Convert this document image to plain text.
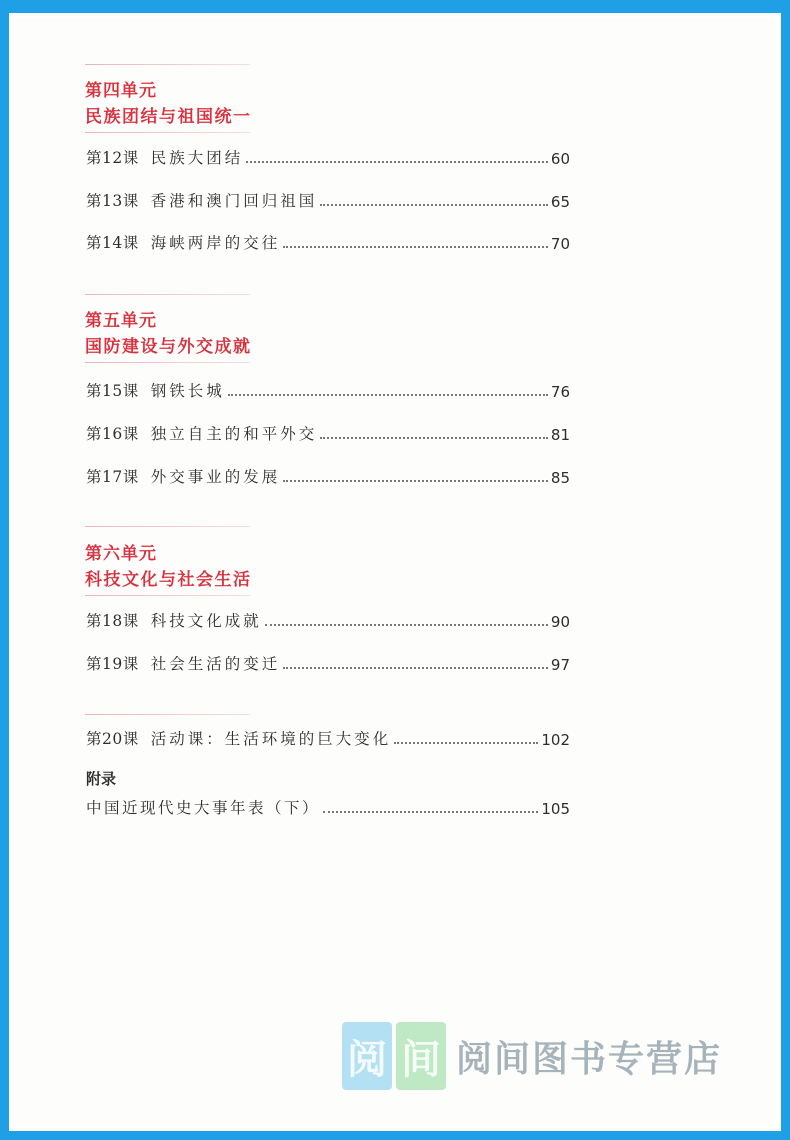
第四单元
民族团结与祖国统一
第12课 民族大团结	60
第13课 香港和澳门回归祖国	65
第14课 海峡两岸的交往	70
第五单元
国防建设与外交成就
第15课 钢铁长城	76
第16课 独立自主的和平外交	81
第17课 外交事业的发展	85
第六单元
科技文化与社会生活
第18课 科技文化成就	90
第19课 社会生活的变迁	97
第20课 活动课：生活环境的巨大变化	102
附录
中国近现代史大事年表（下）	105
阅 间 阅间图书专营店
